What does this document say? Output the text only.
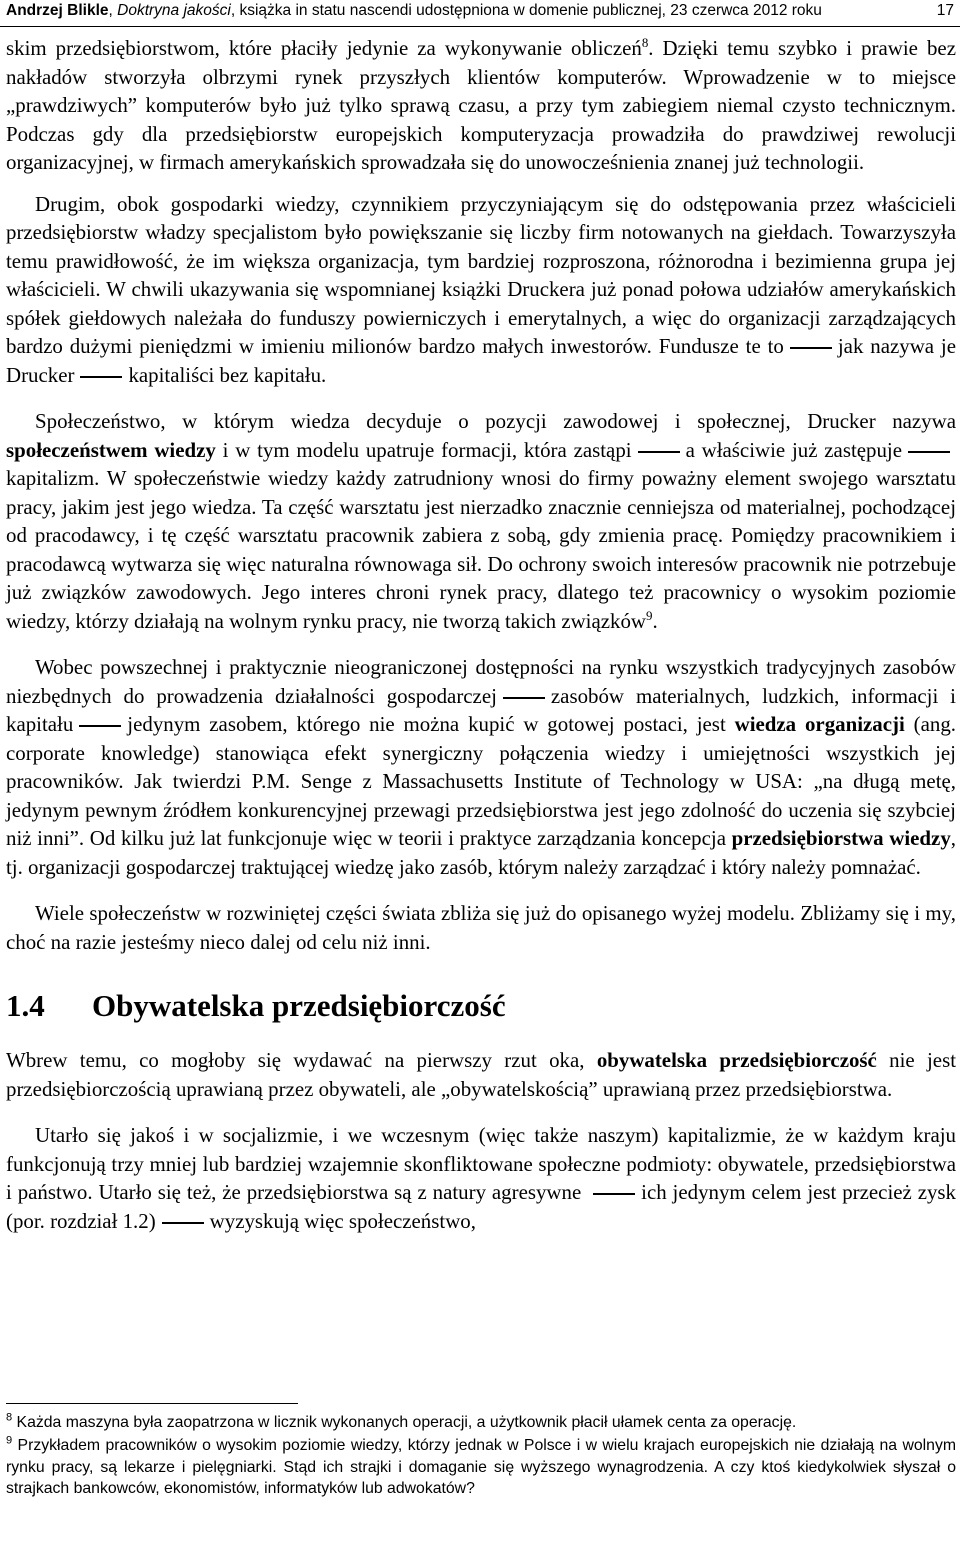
Andrzej Blikle, Doktryna jakości, książka in statu nascendi udostępniona w domenie publicznej, 23 czerwca 2012 roku	17

skim przedsiębiorstwom, które płaciły jedynie za wykonywanie obliczeń$^8$. Dzięki temu szybko i prawie bez nakładów stworzyła olbrzymi rynek przyszłych klientów komputerów. Wprowadzenie w to miejsce „prawdziwych” komputerów było już tylko sprawą czasu, a przy tym zabiegiem niemal czysto technicznym. Podczas gdy dla przedsiębiorstw europejskich komputeryzacja prowadziła do prawdziwej rewolucji organizacyjnej, w firmach amerykańskich sprowadzała się do unowocześnienia znanej już technologii.

Drugim, obok gospodarki wiedzy, czynnikiem przyczyniającym się do odstępowania przez właścicieli przedsiębiorstw władzy specjalistom było powiększanie się liczby firm notowanych na giełdach. Towarzyszyła temu prawidłowość, że im większa organizacja, tym bardziej rozproszona, różnorodna i bezimienna grupa jej właścicieli. W chwili ukazywania się wspomnianej książki Druckera już ponad połowa udziałów amerykańskich spółek giełdowych należała do funduszy powierniczych i emerytalnych, a więc do organizacji zarządzających bardzo dużymi pieniędzmi w imieniu milionów bardzo małych inwestorów. Fundusze te to	jak nazywa je Drucker	kapitaliści bez kapitału.

Społeczeństwo, w którym wiedza decyduje o pozycji zawodowej i społecznej, Drucker nazywa społeczeństwem wiedzy i w tym modelu upatruje formacji, która zastąpi	a właściwie już zastępujekapitalizm. W społeczeństwie wiedzy każdy zatrudniony wnosi do firmy poważny element swojego warsztatu pracy, jakim jest jego wiedza. Ta część warsztatu jest nierzadko znacznie cenniejsza od materialnej, pochodzącej od pracodawcy, i tę część warsztatu pracownik zabiera z sobą, gdy zmienia pracę. Pomiędzy pracownikiem i pracodawcą wytwarza się więc naturalna równowaga sił. Do ochrony swoich interesów pracownik nie potrzebuje już związków zawodowych. Jego interes chroni rynek pracy, dlatego też pracownicy o wysokim poziomie wiedzy, którzy działają na wolnym rynku pracy, nie tworzą takich związków$^9$.

Wobec powszechnej i praktycznie nieograniczonej dostępności na rynku wszystkich tradycyjnych zasobów niezbędnych do prowadzenia działalności gospodarczej	zasobów materialnych, ludzkich, informacji i kapitału	jedynym zasobem, którego nie można kupić w gotowej postaci, jest wiedza organizacji (ang. corporate knowledge) stanowiąca efekt synergiczny połączenia wiedzy i umiejętności wszystkich jej pracowników. Jak twierdzi P.M. Senge z Massachusetts Institute of Technology w USA: „na długą metę, jedynym pewnym źródłem konkurencyjnej przewagi przedsiębiorstwa jest jego zdolność do uczenia się szybciej niż inni”. Od kilku już lat funkcjonuje więc w teorii i praktyce zarządzania koncepcja przedsiębiorstwa wiedzy, tj. organizacji gospodarczej traktującej wiedzę jako zasób, którym należy zarządzać i który należy pomnażać.

Wiele społeczeństw w rozwiniętej części świata zbliża się już do opisanego wyżej modelu. Zbliżamy się i my, choć na razie jesteśmy nieco dalej od celu niż inni.

1.4 Obywatelska przedsiębiorczość

Wbrew temu, co mogłoby się wydawać na pierwszy rzut oka, obywatelska przedsiębiorczość nie jest przedsiębiorczością uprawianą przez obywateli, ale „obywatelskością” uprawianą przez przedsiębiorstwa.

Utarło się jakoś i w socjalizmie, i we wczesnym (więc także naszym) kapitalizmie, że w każdym kraju funkcjonują trzy mniej lub bardziej wzajemnie skonfliktowane społeczne podmioty: obywatele, przedsiębiorstwa i państwo. Utarło się też, że przedsiębiorstwa są z natury agresywne	ich jedynym celem jest przecież zysk (por. rozdział 1.2)	wyzyskują więc społeczeństwo,

$^8$ Każda maszyna była zaopatrzona w licznik wykonanych operacji, a użytkownik płacił ułamek centa za operację.

$^9$ Przykładem pracowników o wysokim poziomie wiedzy, którzy jednak w Polsce i w wielu krajach europejskich nie działają na wolnym rynku pracy, są lekarze i pielęgniarki. Stąd ich strajki i domaganie się wyższego wynagrodzenia. A czy ktoś kiedykolwiek słyszał o strajkach bankowców, ekonomistów, informatyków lub adwokatów?
